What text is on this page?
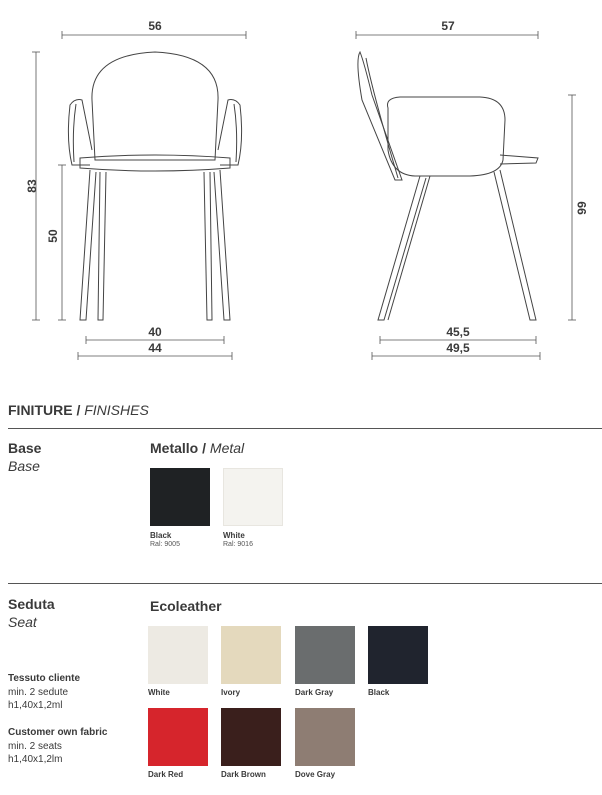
56
83
50
40
44
57
99
45,5
49,5
FINITURE / FINISHES
Base
Base
Metallo / Metal
Black
Ral: 9005
White
Ral: 9016
Seduta
Seat
Ecoleather
Tessuto cliente
min. 2 sedute
h1,40x1,2ml
Customer own fabric
min. 2 seats
h1,40x1,2lm
White	Ivory	Dark Gray	Black
Dark Red	Dark Brown	Dove Gray
